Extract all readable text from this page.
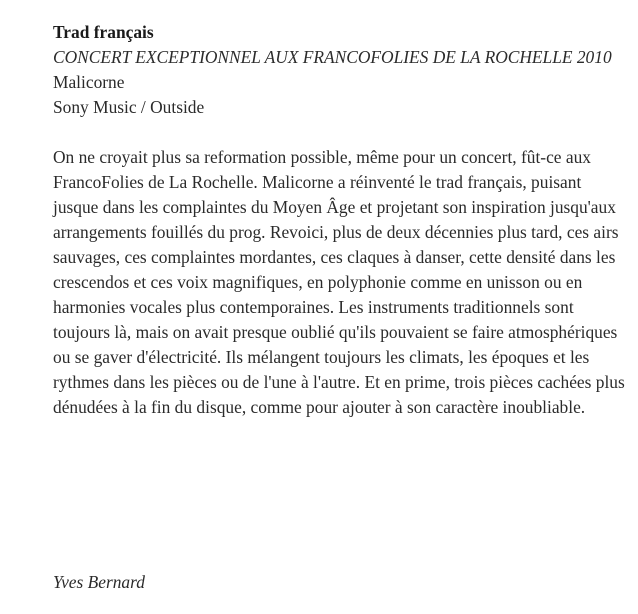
Trad français

CONCERT EXCEPTIONNEL AUX FRANCOFOLIES DE LA ROCHELLE 2010

Malicorne

Sony Music / Outside

On ne croyait plus sa reformation possible, même pour un concert, fût-ce aux FrancoFolies de La Rochelle. Malicorne a réinventé le trad français, puisant jusque dans les complaintes du Moyen Âge et projetant son inspiration jusqu'aux arrangements fouillés du prog. Revoici, plus de deux décennies plus tard, ces airs sauvages, ces complaintes mordantes, ces claques à danser, cette densité dans les crescendos et ces voix magnifiques, en polyphonie comme en unisson ou en harmonies vocales plus contemporaines. Les instruments traditionnels sont toujours là, mais on avait presque oublié qu'ils pouvaient se faire atmosphériques ou se gaver d'électricité. Ils mélangent toujours les climats, les époques et les rythmes dans les pièces ou de l'une à l'autre. Et en prime, trois pièces cachées plus dénudées à la fin du disque, comme pour ajouter à son caractère inoubliable.

Yves Bernard
